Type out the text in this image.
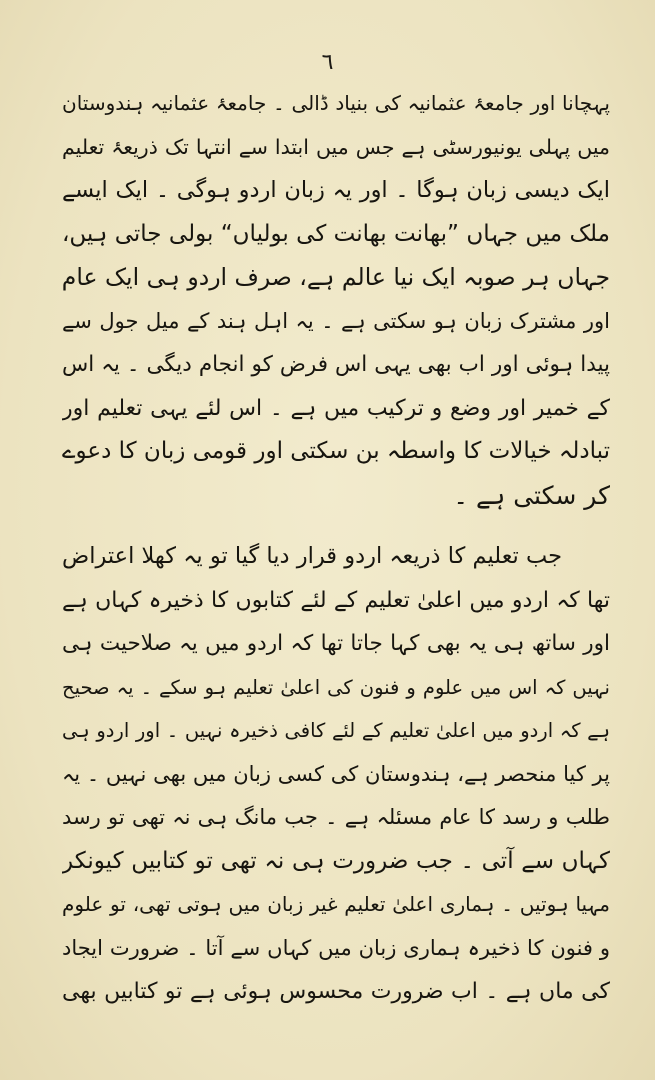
٦
پہچانا اور جامعۂ عثمانیہ کی بنیاد ڈالی ۔ جامعۂ عثمانیہ ہندوستان
میں پہلی یونیورسٹی ہے جس میں ابتدا سے انتہا تک ذریعۂ تعلیم
ایک دیسی زبان ہوگا ۔ اور یہ زبان اردو ہوگی ۔ ایک ایسے
ملک میں جہاں ”بھانت بھانت کی بولیاں“ بولی جاتی ہیں،
جہاں ہر صوبہ ایک نیا عالم ہے، صرف اردو ہی ایک عام
اور مشترک زبان ہو سکتی ہے ۔ یہ اہل ہند کے میل جول سے
پیدا ہوئی اور اب بھی یہی اس فرض کو انجام دیگی ۔ یہ اس
کے خمیر اور وضع و ترکیب میں ہے ۔ اس لئے یہی تعلیم اور
تبادلہ خیالات کا واسطہ بن سکتی اور قومی زبان کا دعوے
کر سکتی ہے ۔
جب تعلیم کا ذریعہ اردو قرار دیا گیا تو یہ کھلا اعتراض
تھا کہ اردو میں اعلیٰ تعلیم کے لئے کتابوں کا ذخیرہ کہاں ہے
اور ساتھ ہی یہ بھی کہا جاتا تھا کہ اردو میں یہ صلاحیت ہی
نہیں کہ اس میں علوم و فنون کی اعلیٰ تعلیم ہو سکے ۔ یہ صحیح
ہے کہ اردو میں اعلیٰ تعلیم کے لئے کافی ذخیرہ نہیں ۔ اور اردو ہی
پر کیا منحصر ہے، ہندوستان کی کسی زبان میں بھی نہیں ۔ یہ
طلب و رسد کا عام مسئلہ ہے ۔ جب مانگ ہی نہ تھی تو رسد
کہاں سے آتی ۔ جب ضرورت ہی نہ تھی تو کتابیں کیونکر
مہیا ہوتیں ۔ ہماری اعلیٰ تعلیم غیر زبان میں ہوتی تھی، تو علوم
و فنون کا ذخیرہ ہماری زبان میں کہاں سے آتا ۔ ضرورت ایجاد
کی ماں ہے ۔ اب ضرورت محسوس ہوئی ہے تو کتابیں بھی
